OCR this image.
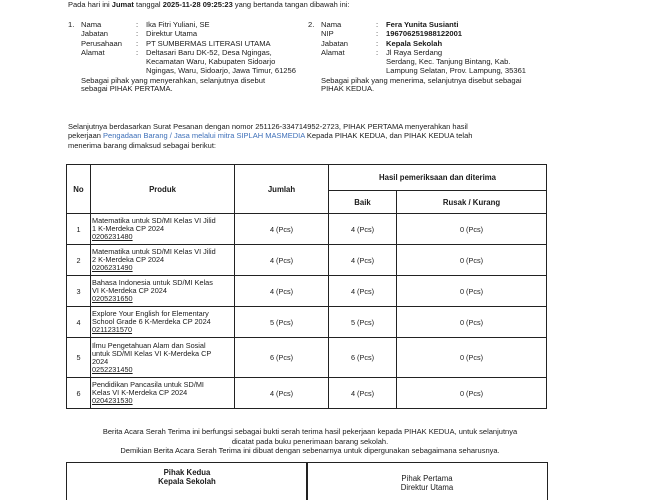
Pada hari ini Jumat tanggal 2025-11-28 09:25:23 yang bertanda tangan dibawah ini:
1. Nama	:	Ika Fitri Yuliani, SE
Jabatan	:	Direktur Utama
Perusahaan	:	PT SUMBERMAS LITERASI UTAMA
Alamat	:	Deltasari Baru DK-52, Desa Ngingas,
Kecamatan Waru, Kabupaten Sidoarjo
Ngingas, Waru, Sidoarjo, Jawa Timur, 61256
Sebagai pihak yang menyerahkan, selanjutnya disebut
sebagai PIHAK PERTAMA.
2. Nama	:	Fera Yunita Susianti
NIP	:	196706251988122001
Jabatan	:	Kepala Sekolah
Alamat	:	Jl Raya Serdang
Serdang, Kec. Tanjung Bintang, Kab.
Lampung Selatan, Prov. Lampung, 35361
Sebagai pihak yang menerima, selanjutnya disebut sebagai
PIHAK KEDUA.
Selanjutnya berdasarkan Surat Pesanan dengan nomor 251126-334714952-2723, PIHAK PERTAMA menyerahkan hasil
pekerjaan Pengadaan Barang / Jasa melalui mitra SIPLAH MASMEDIA Kepada PIHAK KEDUA, dan PIHAK KEDUA telah
menerima barang dimaksud sebagai berikut:
No	Produk	Jumlah	Hasil pemeriksaan dan diterima	
			Baik	Rusak / Kurang
1	Matematika untuk SD/MI Kelas VI Jilid
1 K-Merdeka CP 2024

0206231480	4 (Pcs)	4 (Pcs)	0 (Pcs)
2	Matematika untuk SD/MI Kelas VI Jilid
2 K-Merdeka CP 2024

0206231490	4 (Pcs)	4 (Pcs)	0 (Pcs)
3	Bahasa Indonesia untuk SD/MI Kelas
VI K-Merdeka CP 2024

0205231650	4 (Pcs)	4 (Pcs)	0 (Pcs)
4	Explore Your English for Elementary
School Grade 6 K-Merdeka CP 2024

0211231570	5 (Pcs)	5 (Pcs)	0 (Pcs)
5	Ilmu Pengetahuan Alam dan Sosial
untuk SD/MI Kelas VI K-Merdeka CP
2024

0252231450	6 (Pcs)	6 (Pcs)	0 (Pcs)
6	Pendidikan Pancasila untuk SD/MI
Kelas VI K-Merdeka CP 2024

0204231530	4 (Pcs)	4 (Pcs)	0 (Pcs)
Berita Acara Serah Terima ini berfungsi sebagai bukti serah terima hasil pekerjaan kepada PIHAK KEDUA, untuk selanjutnya
dicatat pada buku penerimaan barang sekolah.
Demikian Berita Acara Serah Terima ini dibuat dengan sebenarnya untuk dipergunakan sebagaimana seharusnya.
Pihak Kedua
Kepala Sekolah	Pihak Pertama
Direktur Utama
